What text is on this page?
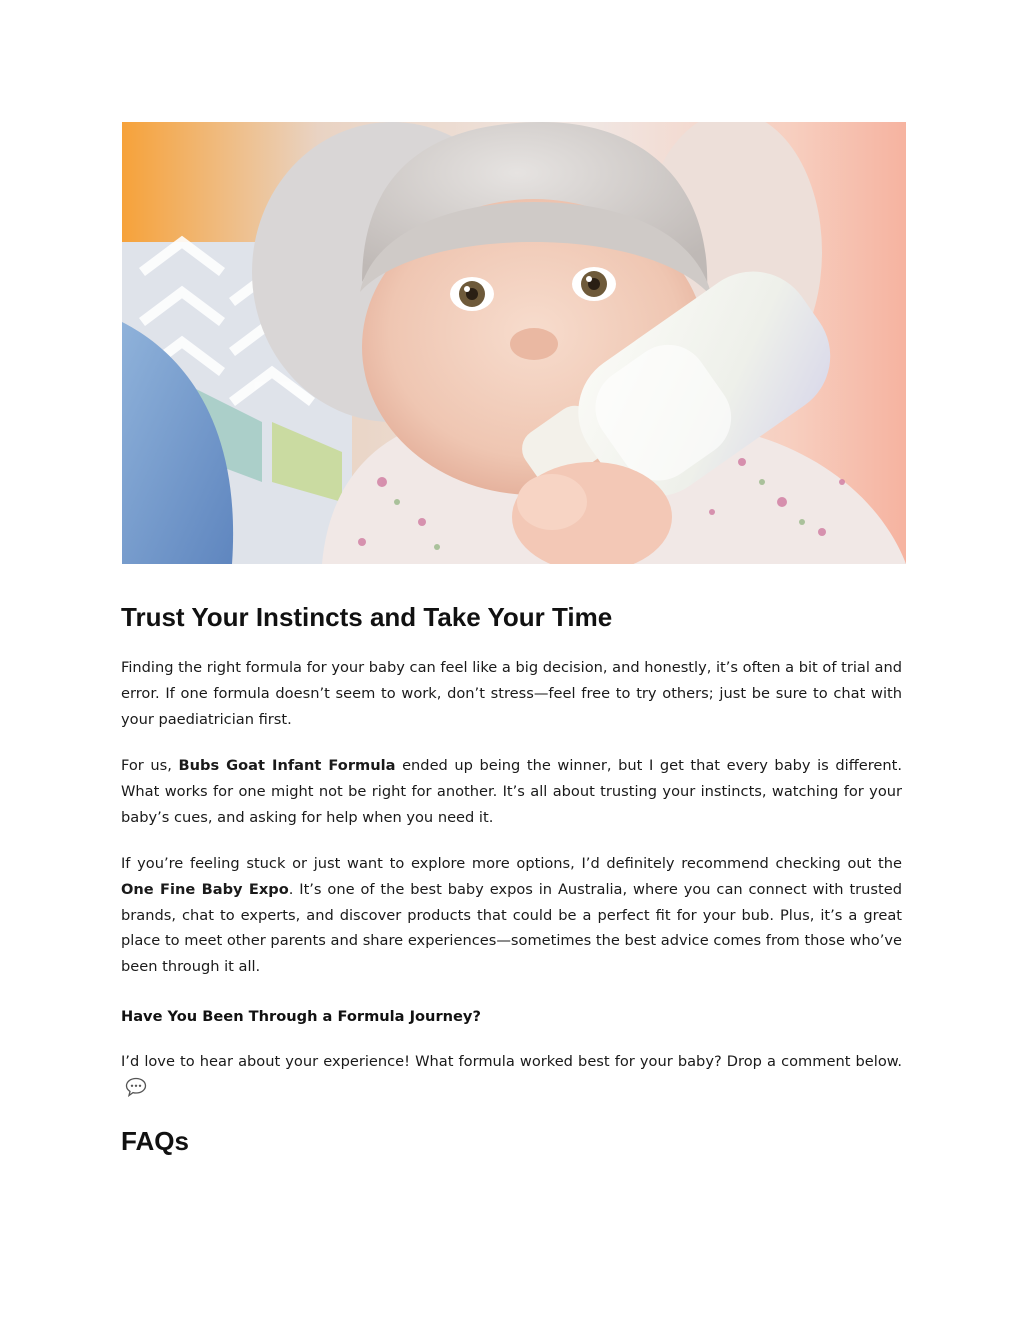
Trust Your Instincts and Take Your Time

Finding the right formula for your baby can feel like a big decision, and honestly, it’s often a bit of trial and error. If one formula doesn’t seem to work, don’t stress—feel free to try others; just be sure to chat with your paediatrician first.

For us, Bubs Goat Infant Formula ended up being the winner, but I get that every baby is different. What works for one might not be right for another. It’s all about trusting your instincts, watching for your baby’s cues, and asking for help when you need it.

If you’re feeling stuck or just want to explore more options, I’d definitely recommend checking out the One Fine Baby Expo. It’s one of the best baby expos in Australia, where you can connect with trusted brands, chat to experts, and discover products that could be a perfect fit for your bub. Plus, it’s a great place to meet other parents and share experiences—sometimes the best advice comes from those who’ve been through it all.

Have You Been Through a Formula Journey?

I’d love to hear about your experience! What formula worked best for your baby? Drop a comment below.

FAQs
